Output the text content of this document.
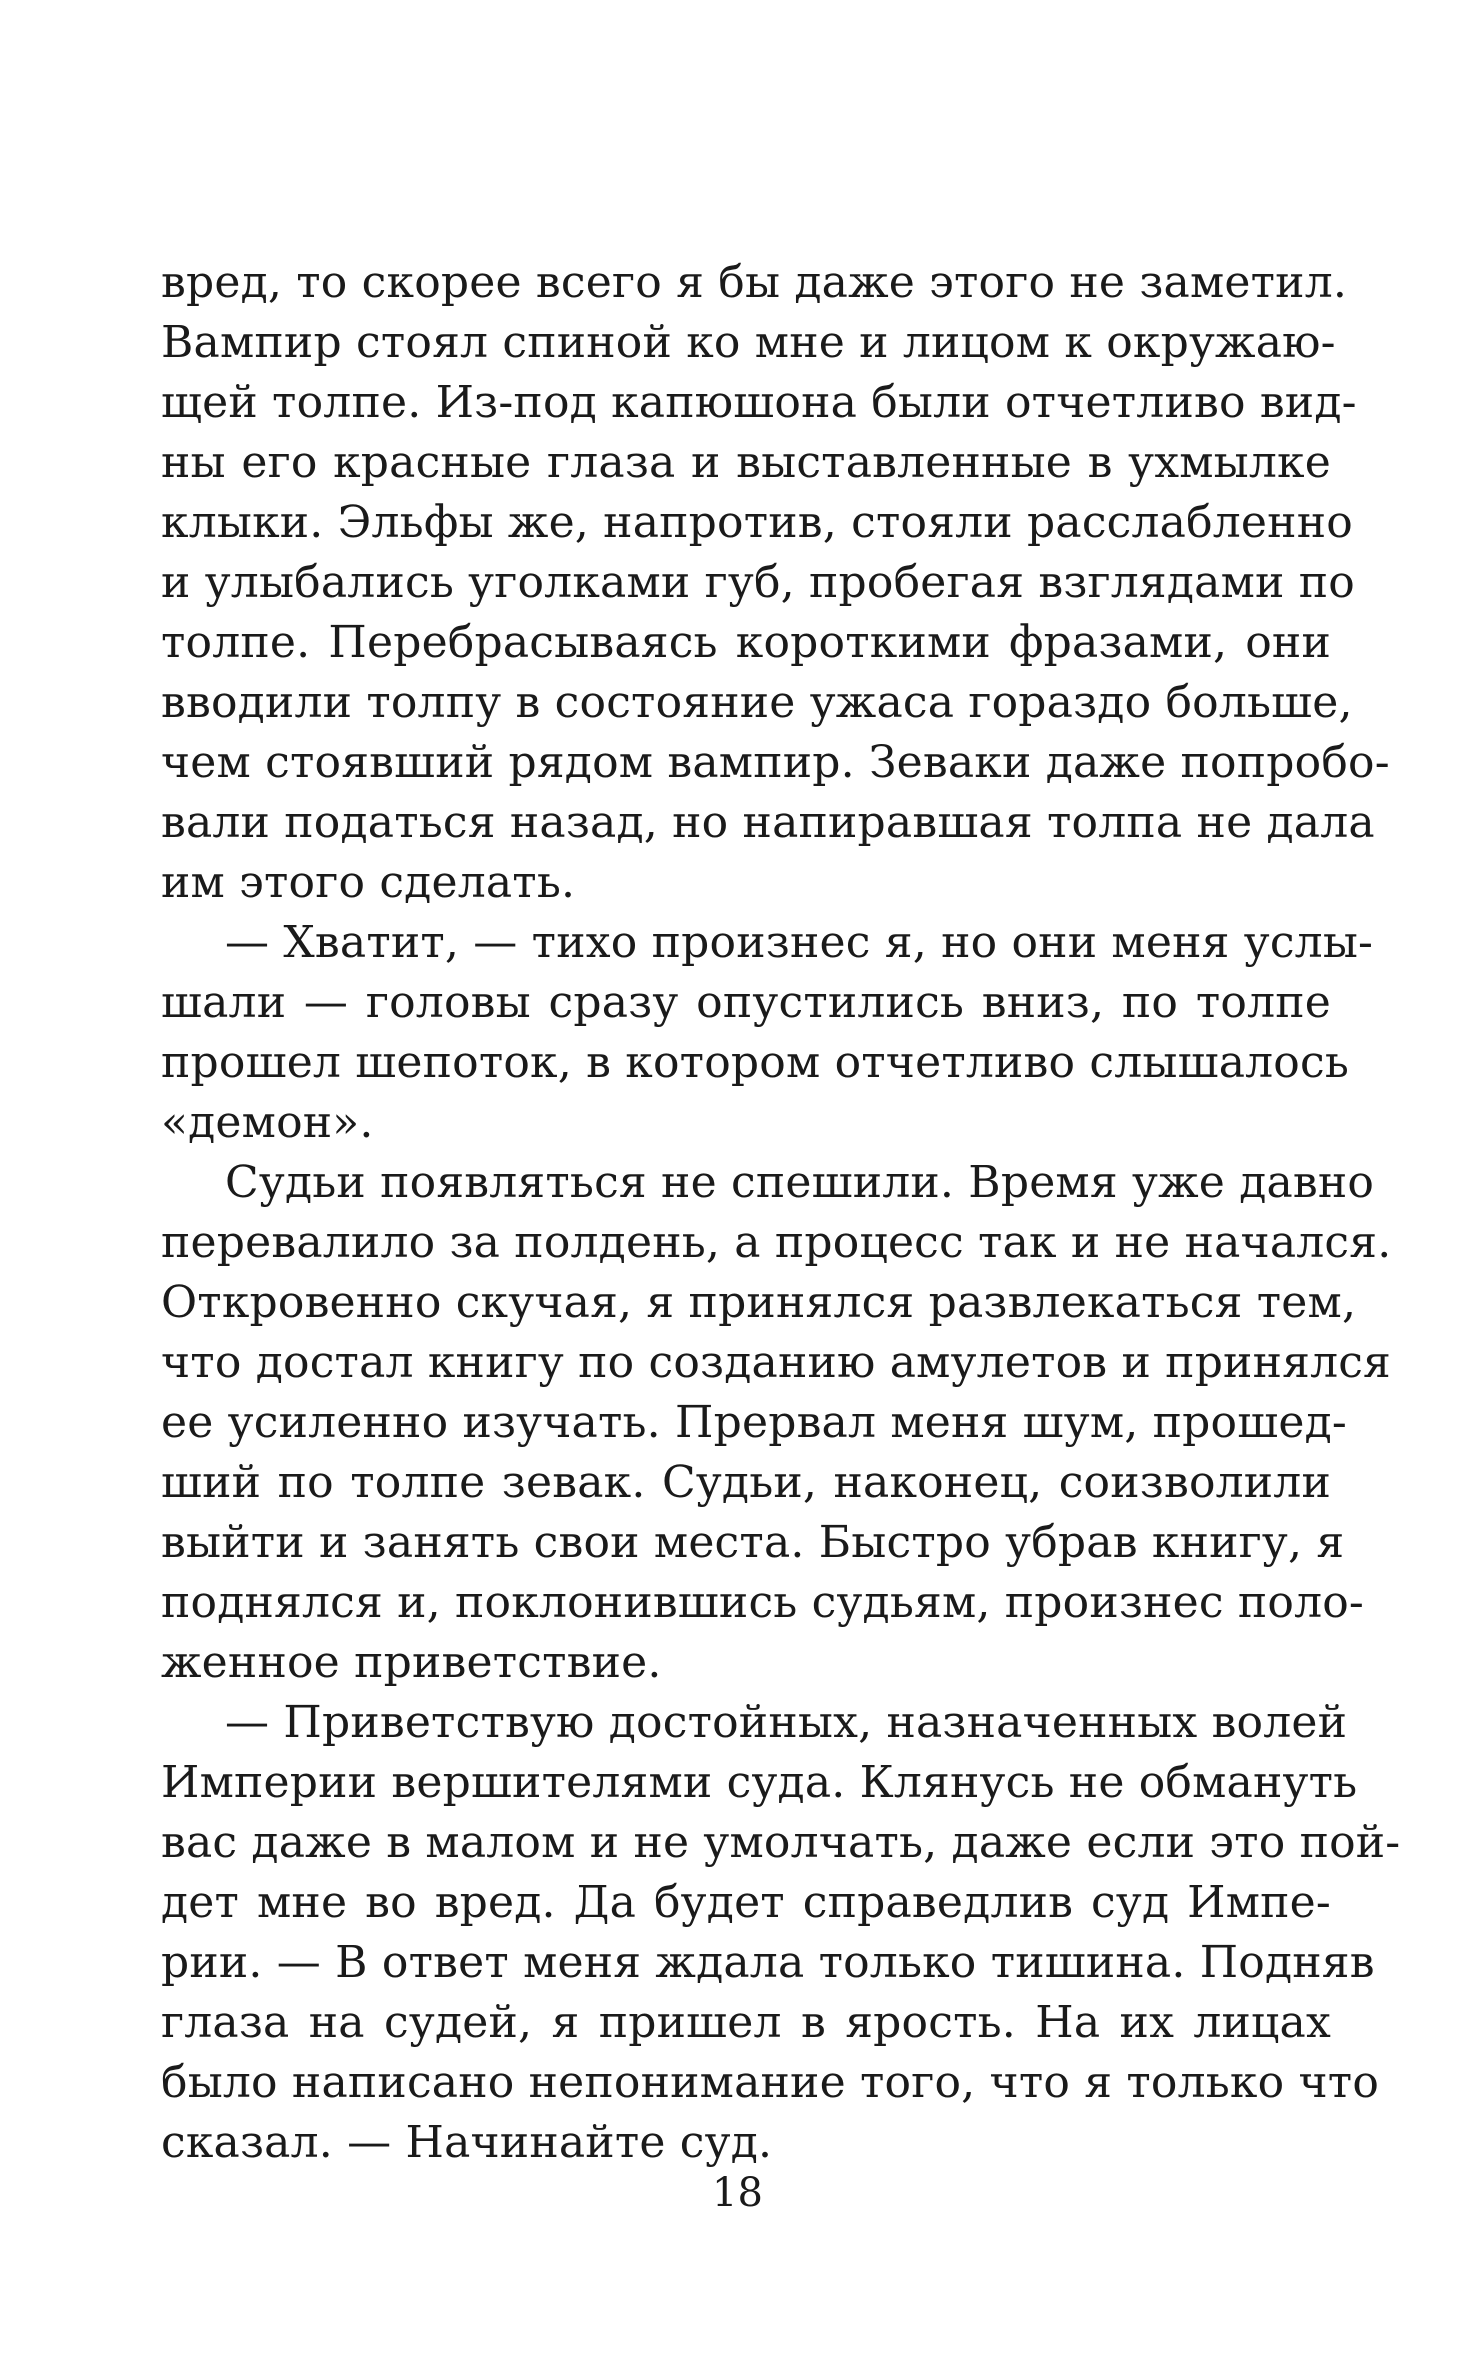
вред, то скорее всего я бы даже этого не заметил.
Вампир стоял спиной ко мне и лицом к окружаю-
щей толпе. Из-под капюшона были отчетливо вид-
ны его красные глаза и выставленные в ухмылке
клыки. Эльфы же, напротив, стояли расслабленно
и улыбались уголками губ, пробегая взглядами по
толпе. Перебрасываясь короткими фразами, они
вводили толпу в состояние ужаса гораздо больше,
чем стоявший рядом вампир. Зеваки даже попробо-
вали податься назад, но напиравшая толпа не дала
им этого сделать.
— Хватит, — тихо произнес я, но они меня услы-
шали — головы сразу опустились вниз, по толпе
прошел шепоток, в котором отчетливо слышалось
«демон».
Судьи появляться не спешили. Время уже давно
перевалило за полдень, а процесс так и не начался.
Откровенно скучая, я принялся развлекаться тем,
что достал книгу по созданию амулетов и принялся
ее усиленно изучать. Прервал меня шум, прошед-
ший по толпе зевак. Судьи, наконец, соизволили
выйти и занять свои места. Быстро убрав книгу, я
поднялся и, поклонившись судьям, произнес поло-
женное приветствие.
— Приветствую достойных, назначенных волей
Империи вершителями суда. Клянусь не обмануть
вас даже в малом и не умолчать, даже если это пой-
дет мне во вред. Да будет справедлив суд Импе-
рии. — В ответ меня ждала только тишина. Подняв
глаза на судей, я пришел в ярость. На их лицах
было написано непонимание того, что я только что
сказал. — Начинайте суд.
18
